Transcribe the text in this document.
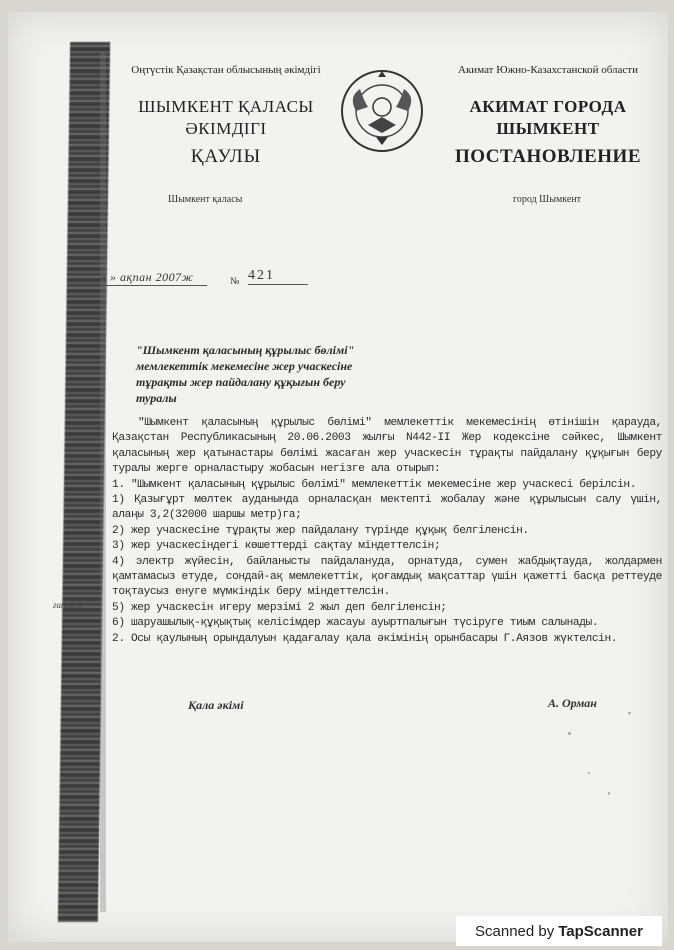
Оңтүстік Қазақстан облысының әкімдігі
ШЫМКЕНТ ҚАЛАСЫ ӘКІМДІГІ
ҚАУЛЫ
Акимат Южно-Казахстанской области
АКИМАТ ГОРОДА ШЫМКЕНТ
ПОСТАНОВЛЕНИЕ
Шымкент қаласы	город Шымкент
« » ақпан 2007ж	№ 421
"Шымкент қаласының құрылыс бөлімі" мемлекеттік мекемесіне жер учаскесіне тұрақты жер пайдалану құқығын беру туралы

"Шымкент қаласының құрылыс бөлімі" мемлекеттік мекемесінің өтінішін қарауда, Қазақстан Республикасының 20.06.2003 жылғы N442-II Жер кодексіне сәйкес, Шымкент қаласының жер қатынастары бөлімі жасаған жер учаскесін тұрақты пайдалану құқығын беру туралы жерге орналастыру жобасын негізге ала отырып:

1. "Шымкент қаласының құрылыс бөлімі" мемлекеттік мекемесіне жер учаскесі берілсін.

1) Қазығұрт мөлтек ауданында орналасқан мектепті жобалау және құрылысын салу үшін, алаңы 3,2(32000 шаршы метр)га;

2) жер учаскесіне тұрақты жер пайдалану түрінде құқық белгіленсін.

3) жер учаскесіндегі көшеттерді сақтау міндеттелсін;

4) электр жүйесін, байланысты пайдалануда, орнатуда, сумен жабдықтауда, жолдармен қамтамасыз етуде, сондай-ақ мемлекеттік, қоғамдық мақсаттар үшін қажетті басқа реттеуде тоқтаусыз енуге мүмкіндік беру міндеттелсін.

5) жер учаскесін игеру мерзімі 2 жыл деп белгіленсін;

6) шаруашылық-құқықтық келісімдер жасауы ауыртпалығын түсіруге тиым салынады.

2. Осы қаулының орындалуын қадағалау қала әкімінің орынбасары Г.Аязов жүктелсін.

ғаппаев
Қала әкімі	А. Орман
Scanned by TapScanner
